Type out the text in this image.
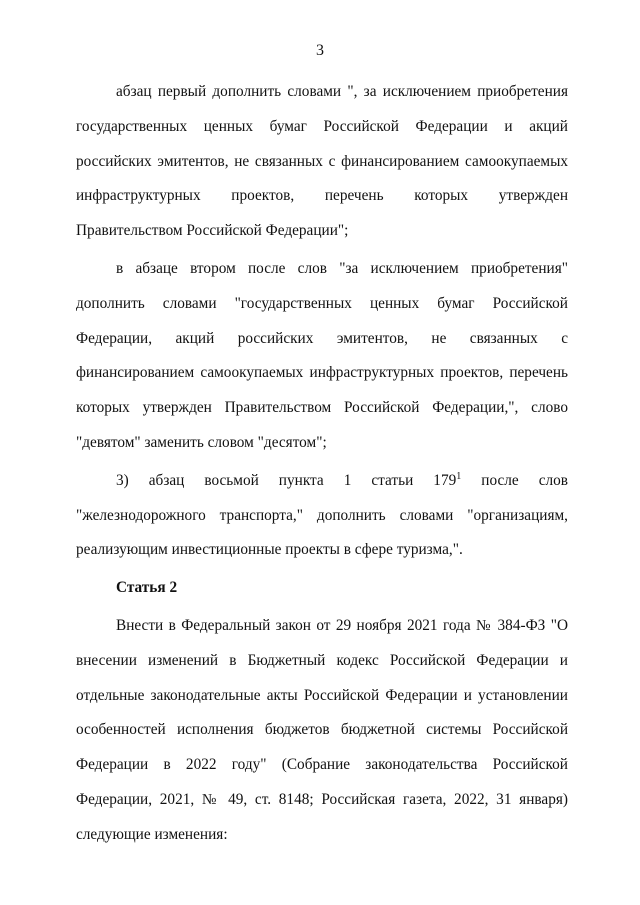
3

абзац первый дополнить словами ", за исключением приобретения государственных ценных бумаг Российской Федерации и акций российских эмитентов, не связанных с финансированием самоокупаемых инфраструктурных проектов, перечень которых утвержден Правительством Российской Федерации";

в абзаце втором после слов "за исключением приобретения" дополнить словами "государственных ценных бумаг Российской Федерации, акций российских эмитентов, не связанных с финансированием самоокупаемых инфраструктурных проектов, перечень которых утвержден Правительством Российской Федерации,", слово "девятом" заменить словом "десятом";

3) абзац восьмой пункта 1 статьи $179^1$ после слов "железнодорожного транспорта," дополнить словами "организациям, реализующим инвестиционные проекты в сфере туризма,".

Статья 2

Внести в Федеральный закон от 29 ноября 2021 года № 384-ФЗ "О внесении изменений в Бюджетный кодекс Российской Федерации и отдельные законодательные акты Российской Федерации и установлении особенностей исполнения бюджетов бюджетной системы Российской Федерации в 2022 году" (Собрание законодательства Российской Федерации, 2021, № 49, ст. 8148; Российская газета, 2022, 31 января) следующие изменения:
